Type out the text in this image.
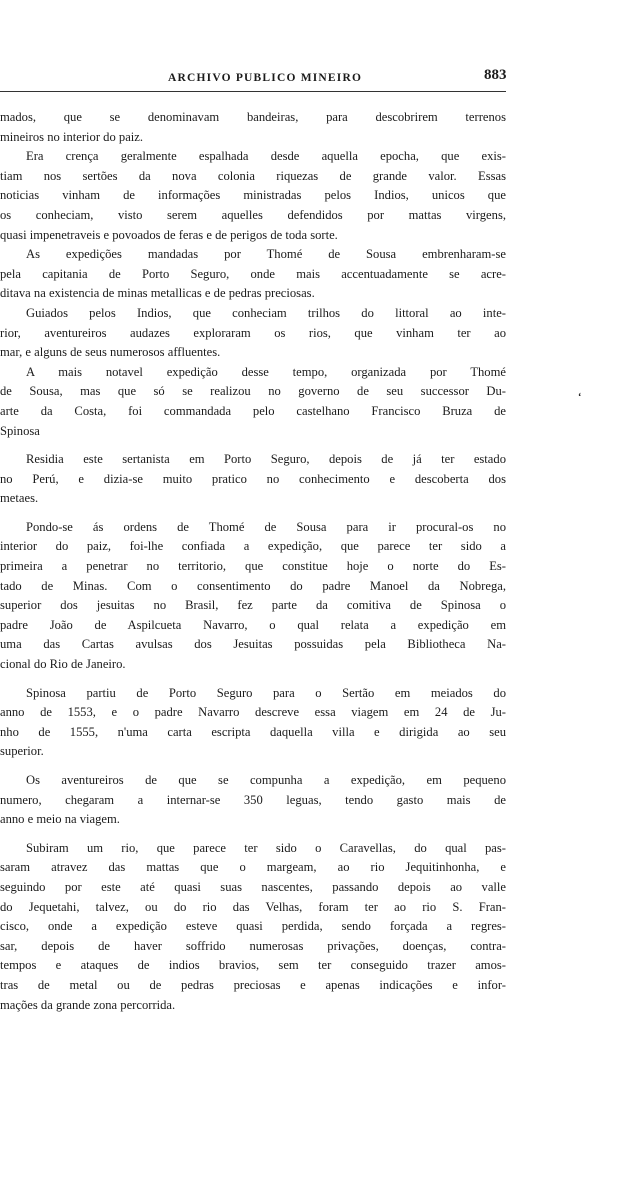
ARCHIVO PUBLICO MINEIRO	883
‘
mados, que se denominavam bandeiras, para descobrirem terrenos
mineiros no interior do paiz.
Era crença geralmente espalhada desde aquella epocha, que exis-
tiam nos sertões da nova colonia riquezas de grande valor. Essas
noticias vinham de informações ministradas pelos Indios, unicos que
os conheciam, visto serem aquelles defendidos por mattas virgens,
quasi impenetraveis e povoados de feras e de perigos de toda sorte.
As expedições mandadas por Thomé de Sousa embrenharam-se
pela capitania de Porto Seguro, onde mais accentuadamente se acre-
ditava na existencia de minas metallicas e de pedras preciosas.
Guiados pelos Indios, que conheciam trilhos do littoral ao inte-
rior, aventureiros audazes exploraram os rios, que vinham ter ao
mar, e alguns de seus numerosos affluentes.
A mais notavel expedição desse tempo, organizada por Thomé
de Sousa, mas que só se realizou no governo de seu successor Du-
arte da Costa, foi commandada pelo castelhano Francisco Bruza de
Spinosa
Residia este sertanista em Porto Seguro, depois de já ter estado
no Perú, e dizia-se muito pratico no conhecimento e descoberta dos
metaes.
Pondo-se ás ordens de Thomé de Sousa para ir procural-os no
interior do paiz, foi-lhe confiada a expedição, que parece ter sido a
primeira a penetrar no territorio, que constitue hoje o norte do Es-
tado de Minas. Com o consentimento do padre Manoel da Nobrega,
superior dos jesuitas no Brasil, fez parte da comitiva de Spinosa o
padre João de Aspilcueta Navarro, o qual relata a expedição em
uma das Cartas avulsas dos Jesuitas possuidas pela Bibliotheca Na-
cional do Rio de Janeiro.
Spinosa partiu de Porto Seguro para o Sertão em meiados do
anno de 1553, e o padre Navarro descreve essa viagem em 24 de Ju-
nho de 1555, n'uma carta escripta daquella villa e dirigida ao seu
superior.
Os aventureiros de que se compunha a expedição, em pequeno
numero, chegaram a internar-se 350 leguas, tendo gasto mais de
anno e meio na viagem.
Subiram um rio, que parece ter sido o Caravellas, do qual pas-
saram atravez das mattas que o margeam, ao rio Jequitinhonha, e
seguindo por este até quasi suas nascentes, passando depois ao valle
do Jequetahi, talvez, ou do rio das Velhas, foram ter ao rio S. Fran-
cisco, onde a expedição esteve quasi perdida, sendo forçada a regres-
sar, depois de haver soffrido numerosas privações, doenças, contra-
tempos e ataques de indios bravios, sem ter conseguido trazer amos-
tras de metal ou de pedras preciosas e apenas indicações e infor-
mações da grande zona percorrida.
